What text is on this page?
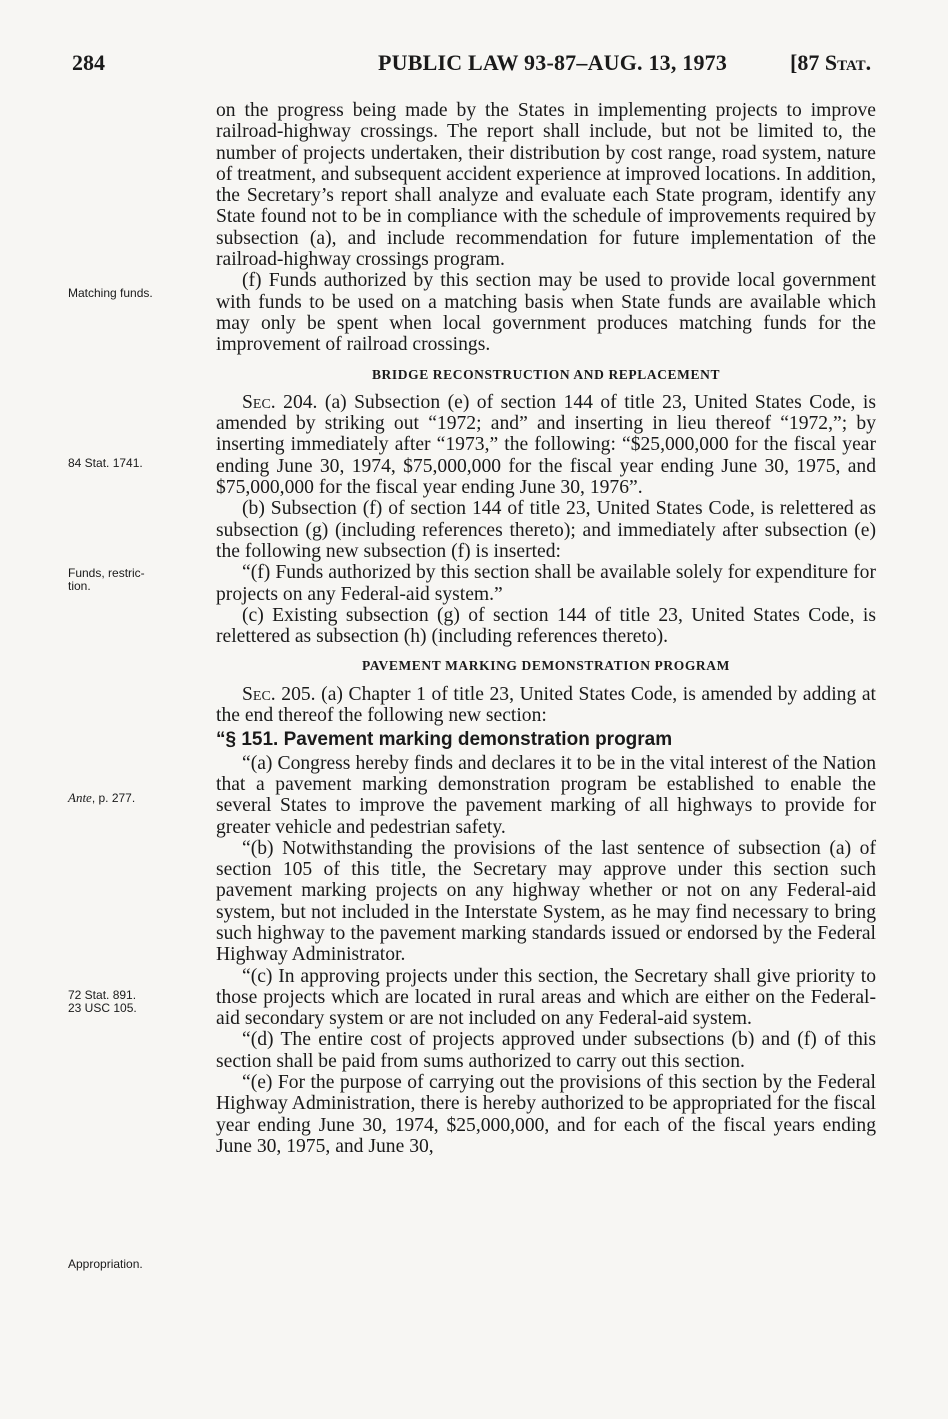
284	PUBLIC LAW 93-87–AUG. 13, 1973	[87 Stat.
Matching funds.
84 Stat. 1741.
Funds, restric-
tion.
Ante, p. 277.
72 Stat. 891.
23 USC 105.
Appropriation.

on the progress being made by the States in implementing projects to improve railroad-highway crossings. The report shall include, but not be limited to, the number of projects undertaken, their distribution by cost range, road system, nature of treatment, and subsequent accident experience at improved locations. In addition, the Secretary’s report shall analyze and evaluate each State program, identify any State found not to be in compliance with the schedule of improvements required by subsection (a), and include recommendation for future implementation of the railroad-highway crossings program.

(f) Funds authorized by this section may be used to provide local government with funds to be used on a matching basis when State funds are available which may only be spent when local government produces matching funds for the improvement of railroad crossings.

BRIDGE RECONSTRUCTION AND REPLACEMENT

Sec. 204. (a) Subsection (e) of section 144 of title 23, United States Code, is amended by striking out “1972; and” and inserting in lieu thereof “1972,”; by inserting immediately after “1973,” the following: “$25,000,000 for the fiscal year ending June 30, 1974, $75,000,000 for the fiscal year ending June 30, 1975, and $75,000,000 for the fiscal year ending June 30, 1976”.

(b) Subsection (f) of section 144 of title 23, United States Code, is relettered as subsection (g) (including references thereto); and immediately after subsection (e) the following new subsection (f) is inserted:

“(f) Funds authorized by this section shall be available solely for expenditure for projects on any Federal-aid system.”

(c) Existing subsection (g) of section 144 of title 23, United States Code, is relettered as subsection (h) (including references thereto).

PAVEMENT MARKING DEMONSTRATION PROGRAM

Sec. 205. (a) Chapter 1 of title 23, United States Code, is amended by adding at the end thereof the following new section:

“§ 151. Pavement marking demonstration program

“(a) Congress hereby finds and declares it to be in the vital interest of the Nation that a pavement marking demonstration program be established to enable the several States to improve the pavement marking of all highways to provide for greater vehicle and pedestrian safety.

“(b) Notwithstanding the provisions of the last sentence of subsection (a) of section 105 of this title, the Secretary may approve under this section such pavement marking projects on any highway whether or not on any Federal-aid system, but not included in the Interstate System, as he may find necessary to bring such highway to the pavement marking standards issued or endorsed by the Federal Highway Administrator.

“(c) In approving projects under this section, the Secretary shall give priority to those projects which are located in rural areas and which are either on the Federal-aid secondary system or are not included on any Federal-aid system.

“(d) The entire cost of projects approved under subsections (b) and (f) of this section shall be paid from sums authorized to carry out this section.

“(e) For the purpose of carrying out the provisions of this section by the Federal Highway Administration, there is hereby authorized to be appropriated for the fiscal year ending June 30, 1974, $25,000,000, and for each of the fiscal years ending June 30, 1975, and June 30,
